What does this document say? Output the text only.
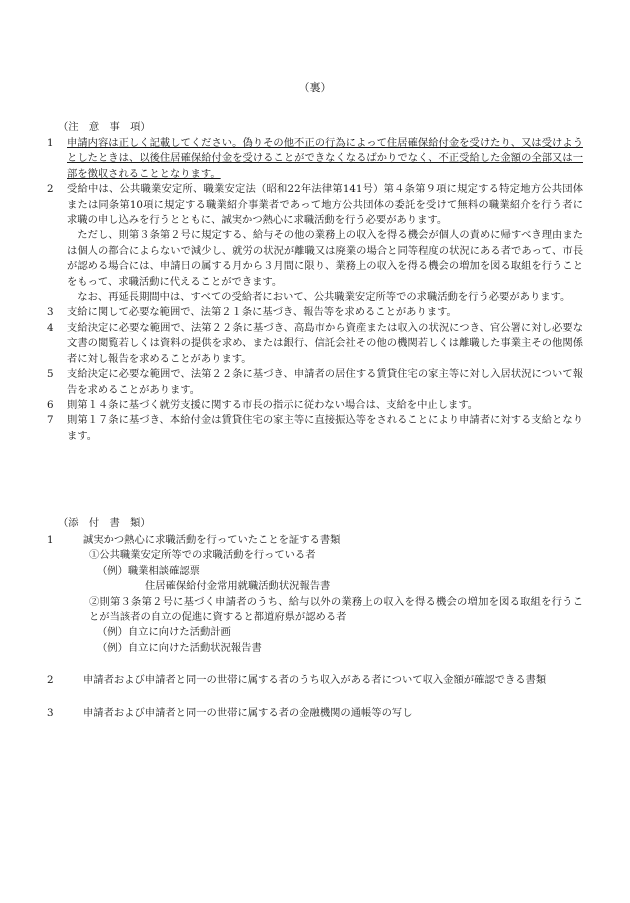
（裏）
（注　意　事　項）
1	申請内容は正しく記載してください。偽りその他不正の行為によって住居確保給付金を受けたり、又は受けようとしたときは、以後住居確保給付金を受けることができなくなるばかりでなく、不正受給した金額の全部又は一部を徴収されることとなります。
2	受給中は、公共職業安定所、職業安定法（昭和22年法律第141号）第４条第９項に規定する特定地方公共団体または同条第10項に規定する職業紹介事業者であって地方公共団体の委託を受けて無料の職業紹介を行う者に求職の申し込みを行うとともに、誠実かつ熱心に求職活動を行う必要があります。
ただし、則第３条第２号に規定する、給与その他の業務上の収入を得る機会が個人の責めに帰すべき理由または個人の都合によらないで減少し、就労の状況が離職又は廃業の場合と同等程度の状況にある者であって、市長が認める場合には、申請日の属する月から３月間に限り、業務上の収入を得る機会の増加を図る取組を行うことをもって、求職活動に代えることができます。
なお、再延長期間中は、すべての受給者において、公共職業安定所等での求職活動を行う必要があります。
3	支給に関して必要な範囲で、法第２１条に基づき、報告等を求めることがあります。
4	支給決定に必要な範囲で、法第２２条に基づき、高島市から資産または収入の状況につき、官公署に対し必要な文書の閲覧若しくは資料の提供を求め、または銀行、信託会社その他の機関若しくは離職した事業主その他関係者に対し報告を求めることがあります。
5	支給決定に必要な範囲で、法第２２条に基づき、申請者の居住する賃貸住宅の家主等に対し入居状況について報告を求めることがあります。
6	則第１４条に基づく就労支援に関する市長の指示に従わない場合は、支給を中止します。
7	則第１７条に基づき、本給付金は賃貸住宅の家主等に直接振込等をされることにより申請者に対する支給となります。
（添　付　書　類）
1	誠実かつ熱心に求職活動を行っていたことを証する書類
①公共職業安定所等での求職活動を行っている者
（例）職業相談確認票
住居確保給付金常用就職活動状況報告書
②則第３条第２号に基づく申請者のうち、給与以外の業務上の収入を得る機会の増加を図る取組を行うことが当該者の自立の促進に資すると都道府県が認める者
（例）自立に向けた活動計画
（例）自立に向けた活動状況報告書
2	申請者および申請者と同一の世帯に属する者のうち収入がある者について収入金額が確認できる書類
3	申請者および申請者と同一の世帯に属する者の金融機関の通帳等の写し
